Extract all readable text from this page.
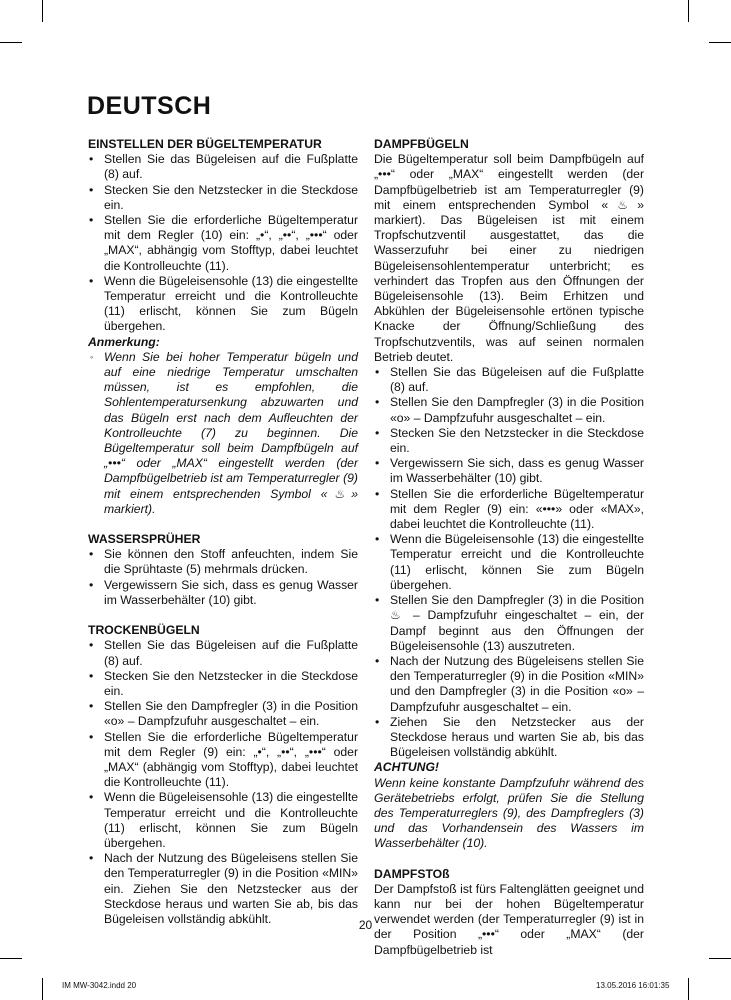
DEUTSCH

EINSTELLEN DER BÜGELTEMPERATUR

• Stellen Sie das Bügeleisen auf die Fußplatte (8) auf.
• Stecken Sie den Netzstecker in die Steckdose ein.
• Stellen Sie die erforderliche Bügeltemperatur mit dem Regler (10) ein: „•“, „••“, „•••“ oder „MAX“, abhängig vom Stofftyp, dabei leuchtet die Kontrolleuchte (11).
• Wenn die Bügeleisensohle (13) die eingestellte Temperatur erreicht und die Kontrolleuchte (11) erlischt, können Sie zum Bügeln übergehen.

Anmerkung:

◦ Wenn Sie bei hoher Temperatur bügeln und auf eine niedrige Temperatur umschalten müssen, ist es empfohlen, die Sohlentemperatursenkung abzuwarten und das Bügeln erst nach dem Aufleuchten der Kontrolleuchte (7) zu beginnen. Die Bügeltemperatur soll beim Dampfbügeln auf „•••“ oder „MAX“ eingestellt werden (der Dampfbügelbetrieb ist am Temperaturregler (9) mit einem entsprechenden Symbol «♨» markiert).

WASSERSPRÜHER

• Sie können den Stoff anfeuchten, indem Sie die Sprühtaste (5) mehrmals drücken.
• Vergewissern Sie sich, dass es genug Wasser im Wasserbehälter (10) gibt.

TROCKENBÜGELN

• Stellen Sie das Bügeleisen auf die Fußplatte (8) auf.
• Stecken Sie den Netzstecker in die Steckdose ein.
• Stellen Sie den Dampfregler (3) in die Position «o» – Dampfzufuhr ausgeschaltet – ein.
• Stellen Sie die erforderliche Bügeltemperatur mit dem Regler (9) ein: „•“, „••“, „•••“ oder „MAX“ (abhängig vom Stofftyp), dabei leuchtet die Kontrolleuchte (11).
• Wenn die Bügeleisensohle (13) die eingestellte Temperatur erreicht und die Kontrolleuchte (11) erlischt, können Sie zum Bügeln übergehen.
• Nach der Nutzung des Bügeleisens stellen Sie den Temperaturregler (9) in die Position «MIN» ein. Ziehen Sie den Netzstecker aus der Steckdose heraus und warten Sie ab, bis das Bügeleisen vollständig abkühlt.

DAMPFBÜGELN

Die Bügeltemperatur soll beim Dampfbügeln auf „•••“ oder „MAX“ eingestellt werden (der Dampfbügelbetrieb ist am Temperaturregler (9) mit einem entsprechenden Symbol «♨» markiert). Das Bügeleisen ist mit einem Tropfschutzventil ausgestattet, das die Wasserzufuhr bei einer zu niedrigen Bügeleisensohlentemperatur unterbricht; es verhindert das Tropfen aus den Öffnungen der Bügeleisensohle (13). Beim Erhitzen und Abkühlen der Bügeleisensohle ertönen typische Knacke der Öffnung/Schließung des Tropfschutzventils, was auf seinen normalen Betrieb deutet.

• Stellen Sie das Bügeleisen auf die Fußplatte (8) auf.
• Stellen Sie den Dampfregler (3) in die Position «o» – Dampfzufuhr ausgeschaltet – ein.
• Stecken Sie den Netzstecker in die Steckdose ein.
• Vergewissern Sie sich, dass es genug Wasser im Wasserbehälter (10) gibt.
• Stellen Sie die erforderliche Bügeltemperatur mit dem Regler (9) ein: «•••» oder «MAX», dabei leuchtet die Kontrolleuchte (11).
• Wenn die Bügeleisensohle (13) die eingestellte Temperatur erreicht und die Kontrolleuchte (11) erlischt, können Sie zum Bügeln übergehen.
• Stellen Sie den Dampfregler (3) in die Position ♨ – Dampfzufuhr eingeschaltet – ein, der Dampf beginnt aus den Öffnungen der Bügeleisensohle (13) auszutreten.
• Nach der Nutzung des Bügeleisens stellen Sie den Temperaturregler (9) in die Position «MIN» und den Dampfregler (3) in die Position «o» – Dampfzufuhr ausgeschaltet – ein.
• Ziehen Sie den Netzstecker aus der Steckdose heraus und warten Sie ab, bis das Bügeleisen vollständig abkühlt.

ACHTUNG!

Wenn keine konstante Dampfzufuhr während des Gerätebetriebs erfolgt, prüfen Sie die Stellung des Temperaturreglers (9), des Dampfreglers (3) und das Vorhandensein des Wassers im Wasserbehälter (10).

DAMPFSTOß

Der Dampfstoß ist fürs Faltenglätten geeignet und kann nur bei der hohen Bügeltemperatur verwendet werden (der Temperaturregler (9) ist in der Position „•••“ oder „MAX“ (der Dampfbügelbetrieb ist

20
IM MW-3042.indd 20	13.05.2016 16:01:35
